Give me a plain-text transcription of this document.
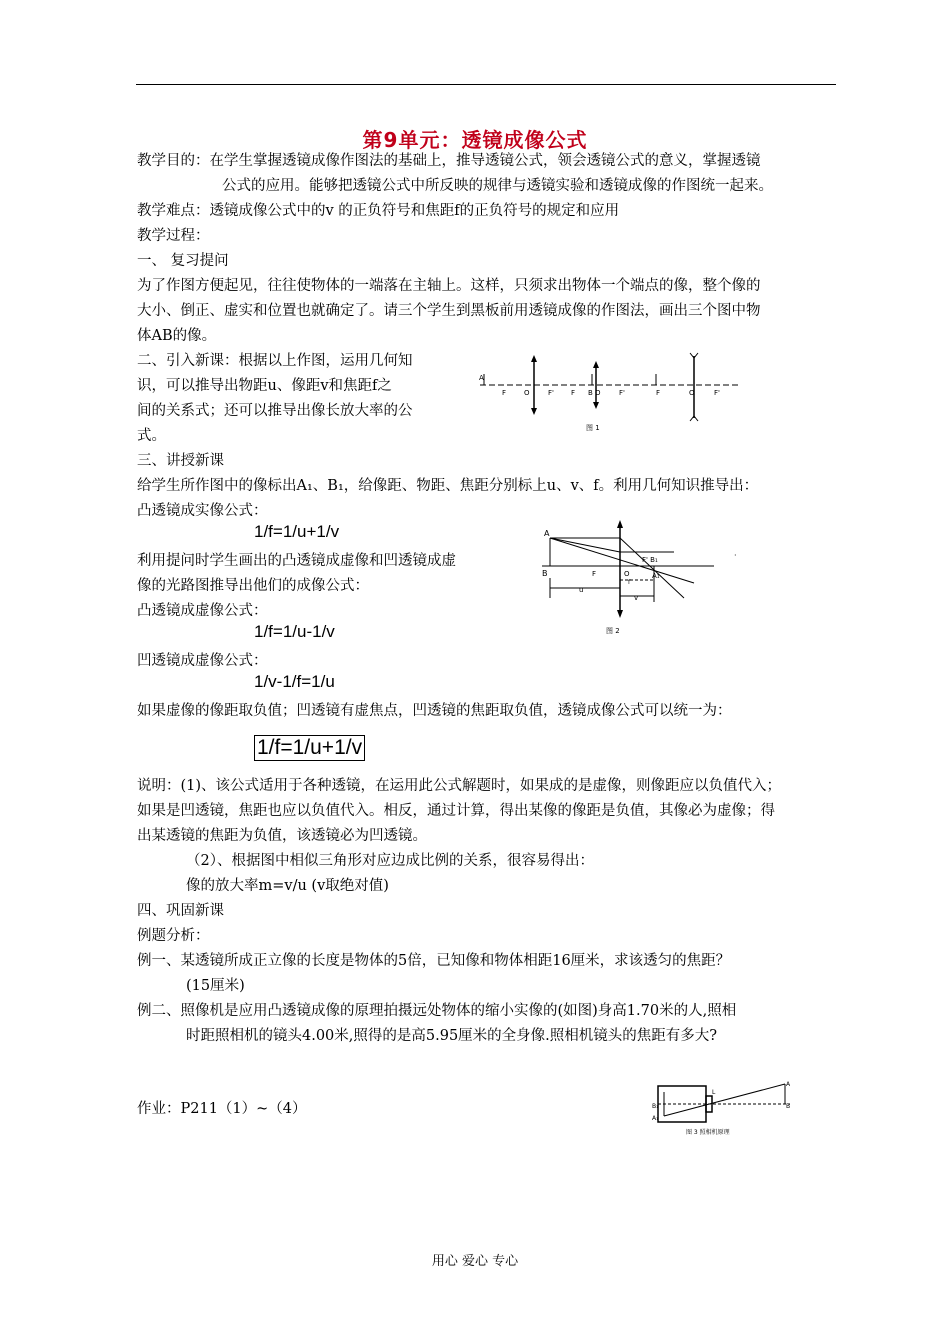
第9单元：透镜成像公式
教学目的：在学生掌握透镜成像作图法的基础上，推导透镜公式，领会透镜公式的意义，掌握透镜
公式的应用。能够把透镜公式中所反映的规律与透镜实验和透镜成像的作图统一起来。
教学难点：透镜成像公式中的v 的正负符号和焦距f的正负符号的规定和应用
教学过程：
一、 复习提问
为了作图方便起见，往往使物体的一端落在主轴上。这样，只须求出物体一个端点的像，整个像的
大小、倒正、虚实和位置也就确定了。请三个学生到黑板前用透镜成像的作图法，画出三个图中物
体AB的像。
二、引入新课：根据以上作图，运用几何知
识，可以推导出物距u、像距v和焦距f之
间的关系式；还可以推导出像长放大率的公
式。
A
F	O	F' F B O	F'	F	O	F'
图 1
三、讲授新课
给学生所作图中的像标出A₁、B₁，给像距、物距、焦距分别标上u、v、f。利用几何知识推导出：
凸透镜成实像公式：
1/f=1/u+1/v
利用提问时学生画出的凸透镜成虚像和凹透镜成虚
像的光路图推导出他们的成像公式：
凸透镜成虚像公式：
1/f=1/u-1/v
凹透镜成虚像公式：
1/v-1/f=1/u
A
B	F	O
F' B₁
A₁
u
f
v
·
图 2
如果虚像的像距取负值；凹透镜有虚焦点，凹透镜的焦距取负值，透镜成像公式可以统一为：
1/f=1/u+1/v
说明：(1)、该公式适用于各种透镜，在运用此公式解题时，如果成的是虚像，则像距应以负值代入；
如果是凹透镜，焦距也应以负值代入。相反，通过计算，得出某像的像距是负值，其像必为虚像；得
出某透镜的焦距为负值，该透镜必为凹透镜。
（2）、根据图中相似三角形对应边成比例的关系，很容易得出：
像的放大率m=v/u (v取绝对值)
四、巩固新课
例题分析：
例一、某透镜所成正立像的长度是物体的5倍，已知像和物体相距16厘米，求该透匀的焦距？
(15厘米)
例二、照像机是应用凸透镜成像的原理拍摄远处物体的缩小实像的(如图)身高1.70米的人,照相
时距照相机的镜头4.00米,照得的是高5.95厘米的全身像.照相机镜头的焦距有多大?
作业：P211（1）~（4）
A
B
B₁
A₁
L
图 3 照相机原理
用心 爱心 专心
